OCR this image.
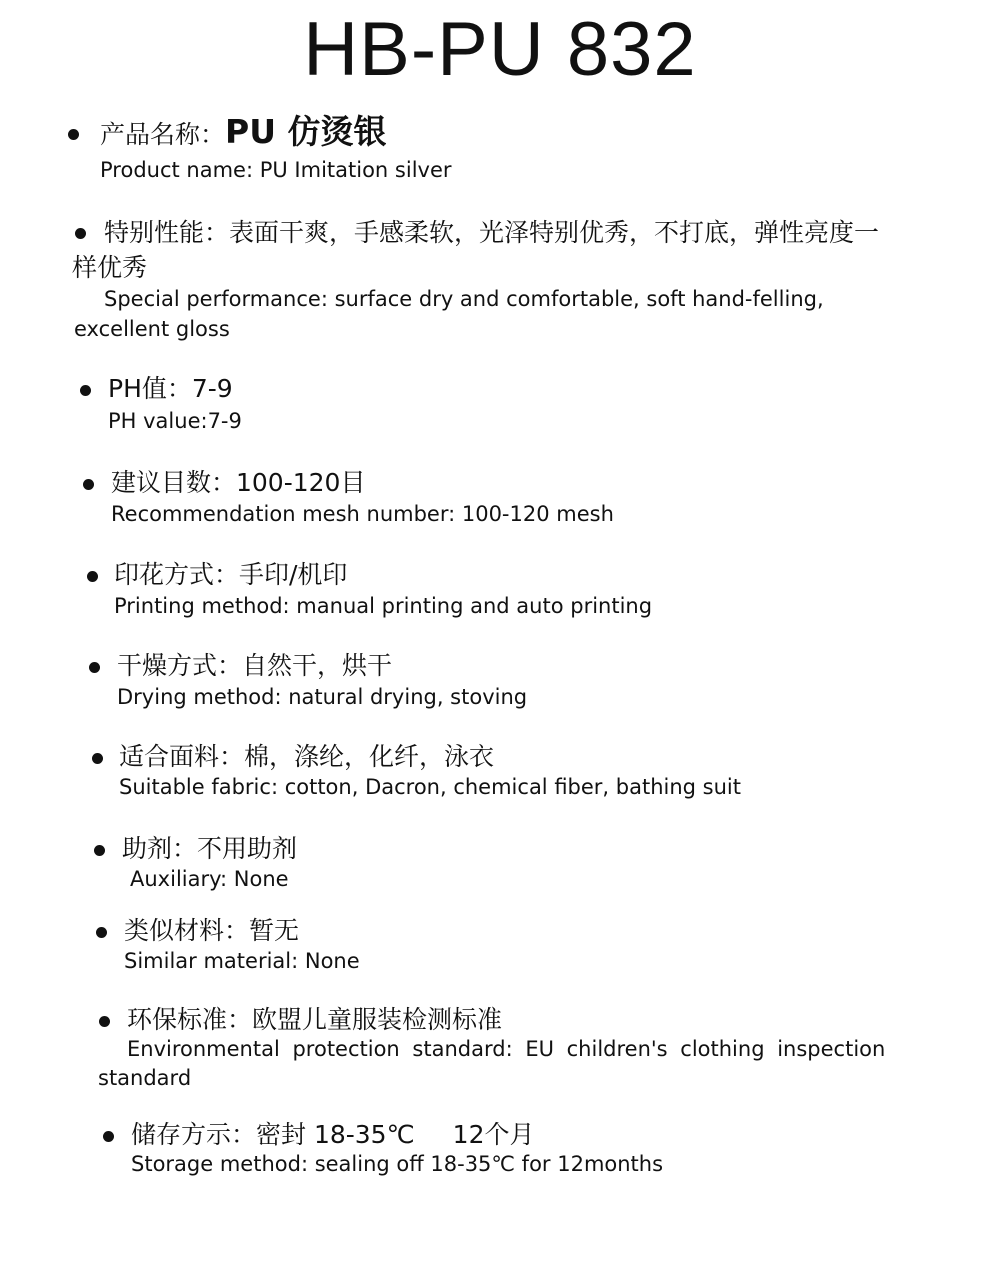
HB-PU 832
产品名称：PU 仿烫银
Product name: PU Imitation silver
特别性能：表面干爽，手感柔软，光泽特别优秀，不打底，弹性亮度一
样优秀
Special performance: surface dry and comfortable, soft hand-felling,
excellent gloss
PH值：7-9
PH value:7-9
建议目数：100-120目
Recommendation mesh number: 100-120 mesh
印花方式：手印/机印
Printing method: manual printing and auto printing
干燥方式：自然干，烘干
Drying method: natural drying, stoving
适合面料：棉，涤纶，化纤，泳衣
Suitable fabric: cotton, Dacron, chemical fiber, bathing suit
助剂：不用助剂
Auxiliary: None
类似材料：暂无
Similar material: None
环保标准：欧盟儿童服装检测标准
Environmental protection standard: EU children's clothing inspection
standard
储存方示：密封 18-35℃ 12个月
Storage method: sealing off 18-35℃ for 12months
